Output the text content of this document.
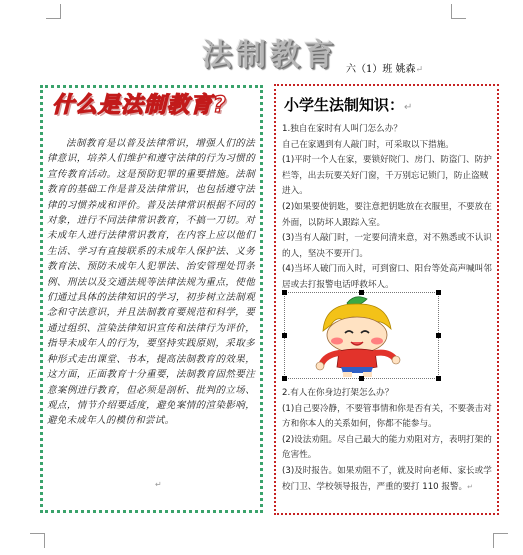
法制教育 六（1）班 姚森↵
什么是法制教育?
法制教育是以普及法律常识，增强人们的法律意识，培养人们维护和遵守法律的行为习惯的宣传教育活动。这是预防犯罪的重要措施。法制教育的基础工作是普及法律常识，也包括遵守法律的习惯养成和评价。普及法律常识根据不同的对象，进行不同法律常识教育，不搞一刀切。对未成年人进行法律常识教育，在内容上应以他们生活、学习有直接联系的未成年人保护法、义务教育法、预防未成年人犯罪法、治安管理处罚条例、刑法以及交通法规等法律法规为重点，使他们通过具体的法律知识的学习，初步树立法制观念和守法意识，并且法制教育要规范和科学，要通过组织、渲染法律知识宣传和法律行为评价，指导未成年人的行为，要坚持实践原则，采取多种形式走出课堂、书本，提高法制教育的效果，这方面，正面教育十分重要，法制教育固然要注意案例进行教育，但必须是剖析、批判的立场、观点，情节介绍要适度，避免案情的渲染影响，避免未成年人的模仿和尝试。
↵
小学生法制知识：↵

1.独自在家时有人叫门怎么办？

自己在家遇到有人敲门时，可采取以下措施。

(1)平时一个人在家，要锁好院门、房门、防盗门、防护栏等，出去玩要关好门窗，千万别忘记锁门，防止盗贼进入。

(2)如果要使钥匙，要注意把钥匙放在衣服里，不要放在外面，以防坏人跟踪入室。

(3)当有人敲门时，一定要问清来意，对不熟悉或不认识的人，坚决不要开门。

(4)当坏人破门而入时，可到窗口、阳台等处高声喊叫邻居或去打报警电话呼救坏人。

2.有人在你身边打架怎么办？

(1)自己要冷静，不要管事情和你是否有关，不要袭击对方和你本人的关系如何，你都不能参与。

(2)设法劝阻。尽自己最大的能力劝阻对方，表明打架的危害性。

(3)及时报告。如果劝阻不了，就及时向老师、家长或学校门卫、学校领导报告，严重的要打 110 报警。↵
